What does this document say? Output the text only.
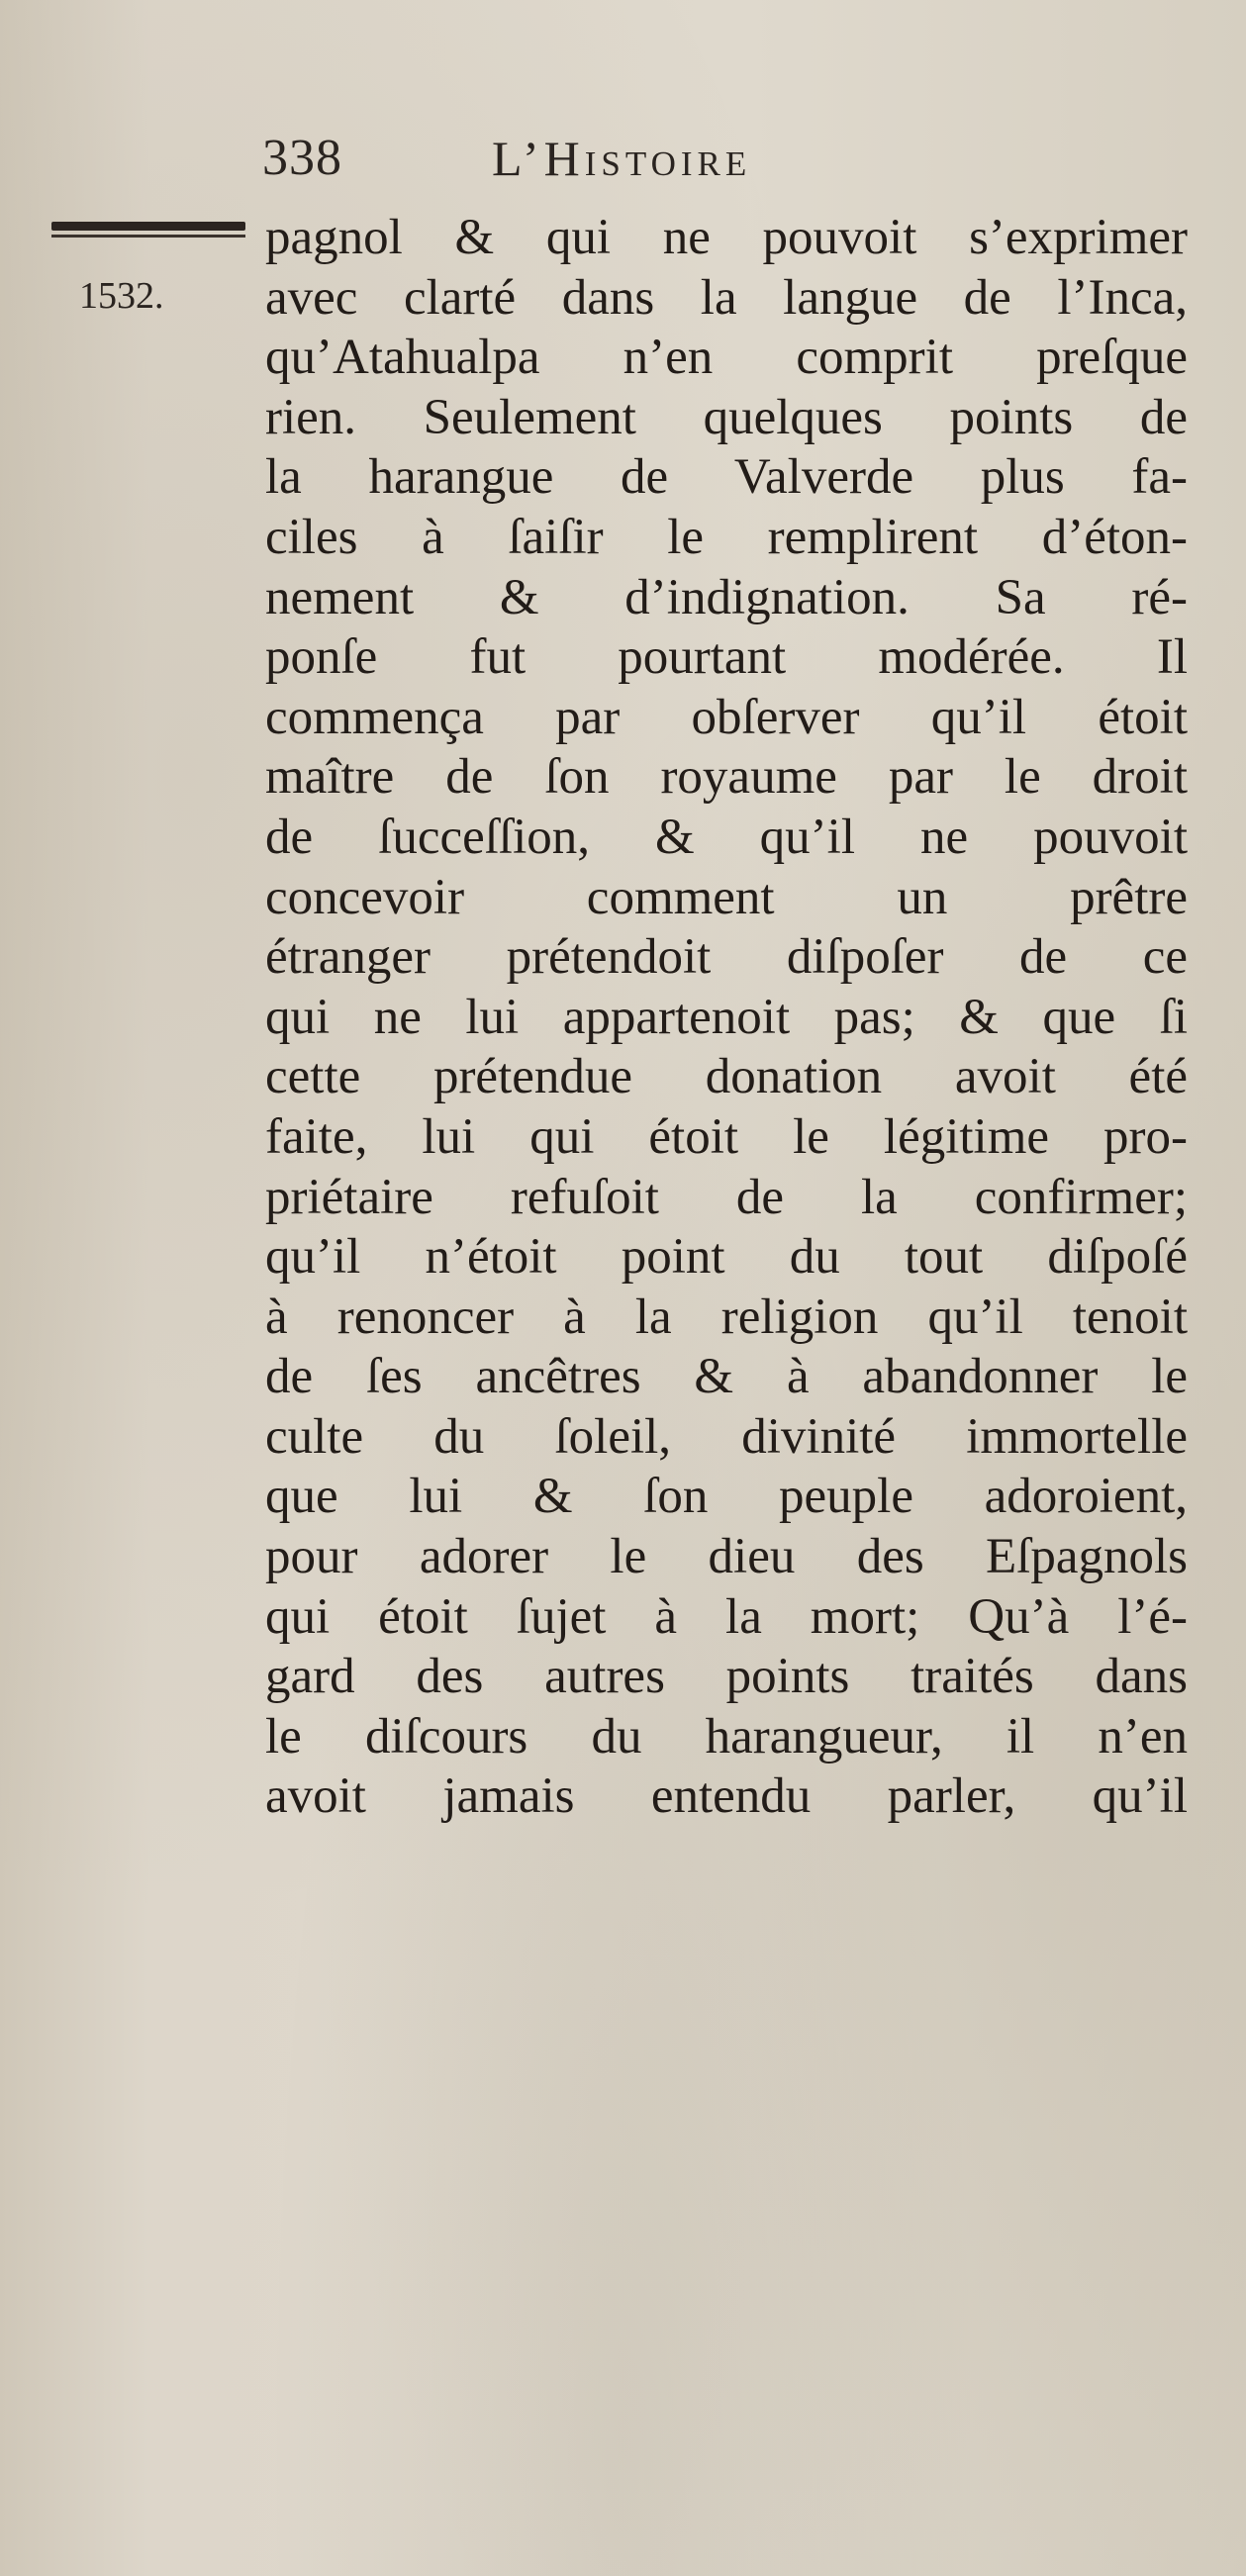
338	L’Histoire
1532.
pagnol & qui ne pouvoit s’exprimer
avec clarté dans la langue de l’Inca,
qu’Atahualpa n’en comprit preſque
rien. Seulement quelques points de
la harangue de Valverde plus fa-
ciles à ſaiſir le remplirent d’éton-
nement & d’indignation. Sa ré-
ponſe fut pourtant modérée. Il
commença par obſerver qu’il étoit
maître de ſon royaume par le droit
de ſucceſſion, & qu’il ne pouvoit
concevoir comment un prêtre
étranger prétendoit diſpoſer de ce
qui ne lui appartenoit pas; & que ſi
cette prétendue donation avoit été
faite, lui qui étoit le légitime pro-
priétaire refuſoit de la confirmer;
qu’il n’étoit point du tout diſpoſé
à renoncer à la religion qu’il tenoit
de ſes ancêtres & à abandonner le
culte du ſoleil, divinité immortelle
que lui & ſon peuple adoroient,
pour adorer le dieu des Eſpagnols
qui étoit ſujet à la mort; Qu’à l’é-
gard des autres points traités dans
le diſcours du harangueur, il n’en
avoit jamais entendu parler, qu’il
